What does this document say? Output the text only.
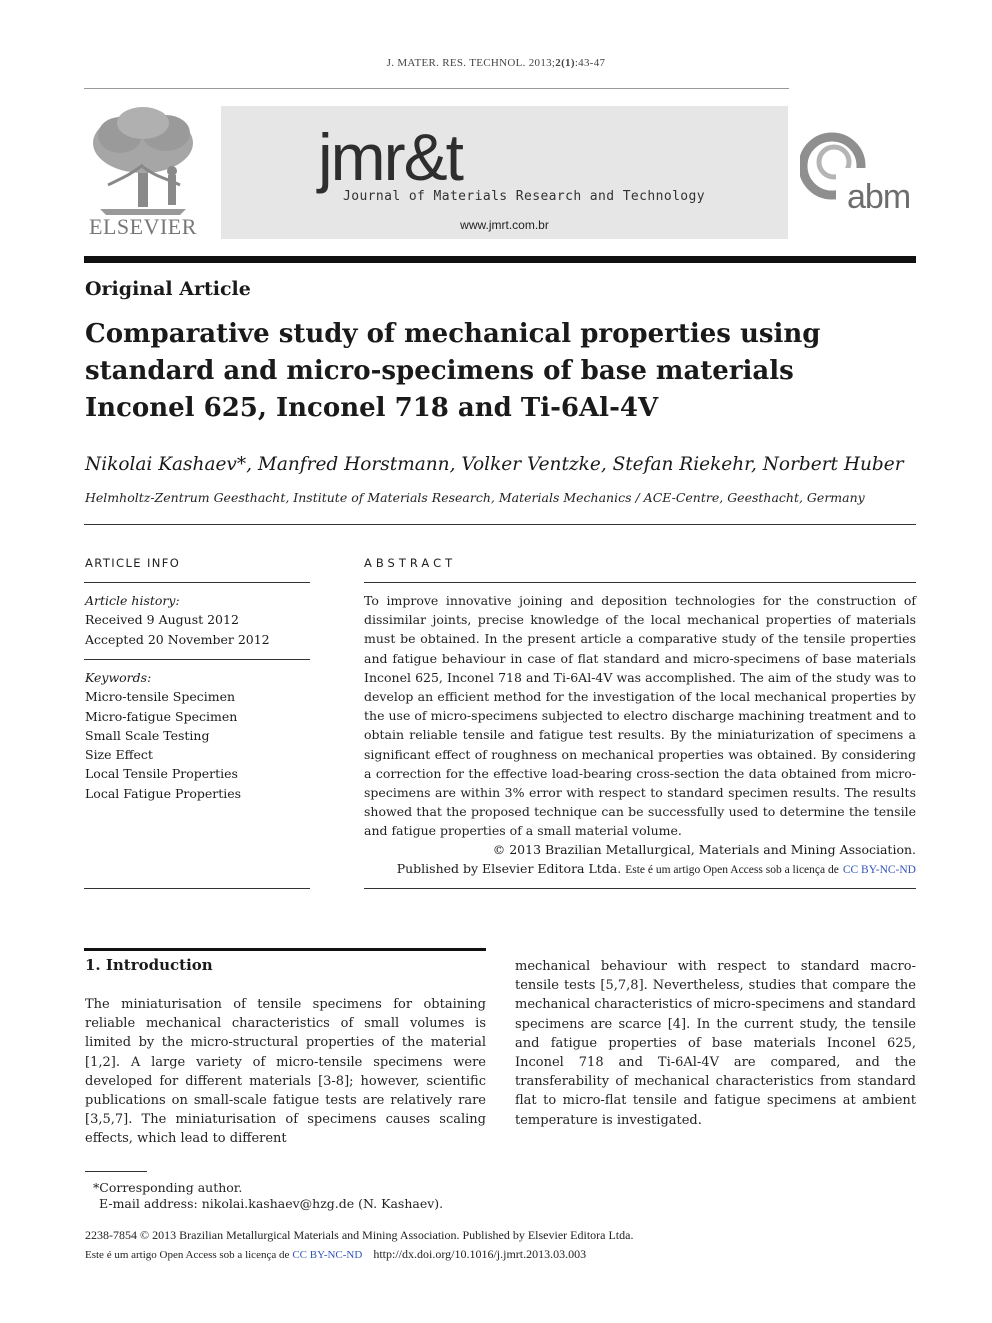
J. MATER. RES. TECHNOL. 2013;2(1):43-47
ELSEVIER
jmr&t
Journal of Materials Research and Technology
www.jmrt.com.br
abm
Original Article
Comparative study of mechanical properties using
standard and micro-specimens of base materials
Inconel 625, Inconel 718 and Ti-6Al-4V
Nikolai Kashaev*, Manfred Horstmann, Volker Ventzke, Stefan Riekehr, Norbert Huber
Helmholtz-Zentrum Geesthacht, Institute of Materials Research, Materials Mechanics / ACE-Centre, Geesthacht, Germany
ARTICLE INFO
Article history:
Received 9 August 2012
Accepted 20 November 2012
Keywords:
Micro-tensile Specimen
Micro-fatigue Specimen
Small Scale Testing
Size Effect
Local Tensile Properties
Local Fatigue Properties
ABSTRACT
To improve innovative joining and deposition technologies for the construction of dissimilar joints, precise knowledge of the local mechanical properties of materials must be obtained. In the present article a comparative study of the tensile properties and fatigue behaviour in case of flat standard and micro-specimens of base materials Inconel 625, Inconel 718 and Ti-6Al-4V was accomplished. The aim of the study was to develop an efficient method for the investigation of the local mechanical properties by the use of micro-specimens subjected to electro discharge machining treatment and to obtain reliable tensile and fatigue test results. By the miniaturization of specimens a significant effect of roughness on mechanical properties was obtained. By considering a correction for the effective load-bearing cross-section the data obtained from micro-specimens are within 3% error with respect to standard specimen results. The results showed that the proposed technique can be successfully used to determine the tensile and fatigue properties of a small material volume.
© 2013 Brazilian Metallurgical, Materials and Mining Association.
Published by Elsevier Editora Ltda. Este é um artigo Open Access sob a licença de CC BY-NC-ND
1. Introduction
The miniaturisation of tensile specimens for obtaining reliable mechanical characteristics of small volumes is limited by the micro-structural properties of the material [1,2]. A large variety of micro-tensile specimens were developed for different materials [3-8]; however, scientific publications on small-scale fatigue tests are relatively rare [3,5,7]. The miniaturisation of specimens causes scaling effects, which lead to different
mechanical behaviour with respect to standard macro-tensile tests [5,7,8]. Nevertheless, studies that compare the mechanical characteristics of micro-specimens and standard specimens are scarce [4]. In the current study, the tensile and fatigue properties of base materials Inconel 625, Inconel 718 and Ti-6Al-4V are compared, and the transferability of mechanical characteristics from standard flat to micro-flat tensile and fatigue specimens at ambient temperature is investigated.
*Corresponding author.
E-mail address: nikolai.kashaev@hzg.de (N. Kashaev).
2238-7854 © 2013 Brazilian Metallurgical Materials and Mining Association. Published by Elsevier Editora Ltda.
Este é um artigo Open Access sob a licença de CC BY-NC-ND http://dx.doi.org/10.1016/j.jmrt.2013.03.003
